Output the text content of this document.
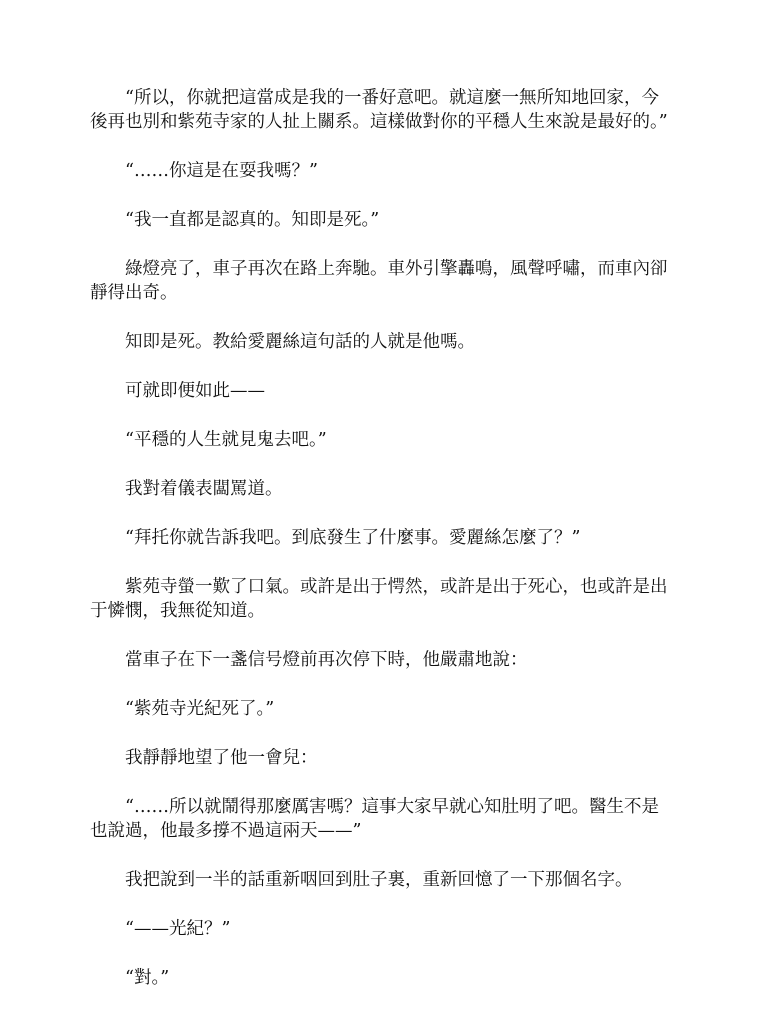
“所以，你就把這當成是我的一番好意吧。就這麼一無所知地回家，今後再也別和紫苑寺家的人扯上關系。這樣做對你的平穩人生來說是最好的。”

“……你這是在耍我嗎？”

“我一直都是認真的。知即是死。”

綠燈亮了，車子再次在路上奔馳。車外引擎轟鳴，風聲呼嘯，而車內卻靜得出奇。

知即是死。教給愛麗絲這句話的人就是他嗎。

可就即便如此——

“平穩的人生就見鬼去吧。”

我對着儀表闆罵道。

“拜托你就告訴我吧。到底發生了什麼事。愛麗絲怎麼了？”

紫苑寺螢一歎了口氣。或許是出于愕然，或許是出于死心，也或許是出于憐憫，我無從知道。

當車子在下一盞信号燈前再次停下時，他嚴肅地說：

“紫苑寺光紀死了。”

我靜靜地望了他一會兒：

“……所以就鬧得那麼厲害嗎？這事大家早就心知肚明了吧。醫生不是也說過，他最多撐不過這兩天——”

我把說到一半的話重新咽回到肚子裏，重新回憶了一下那個名字。

“——光紀？”

“對。”
